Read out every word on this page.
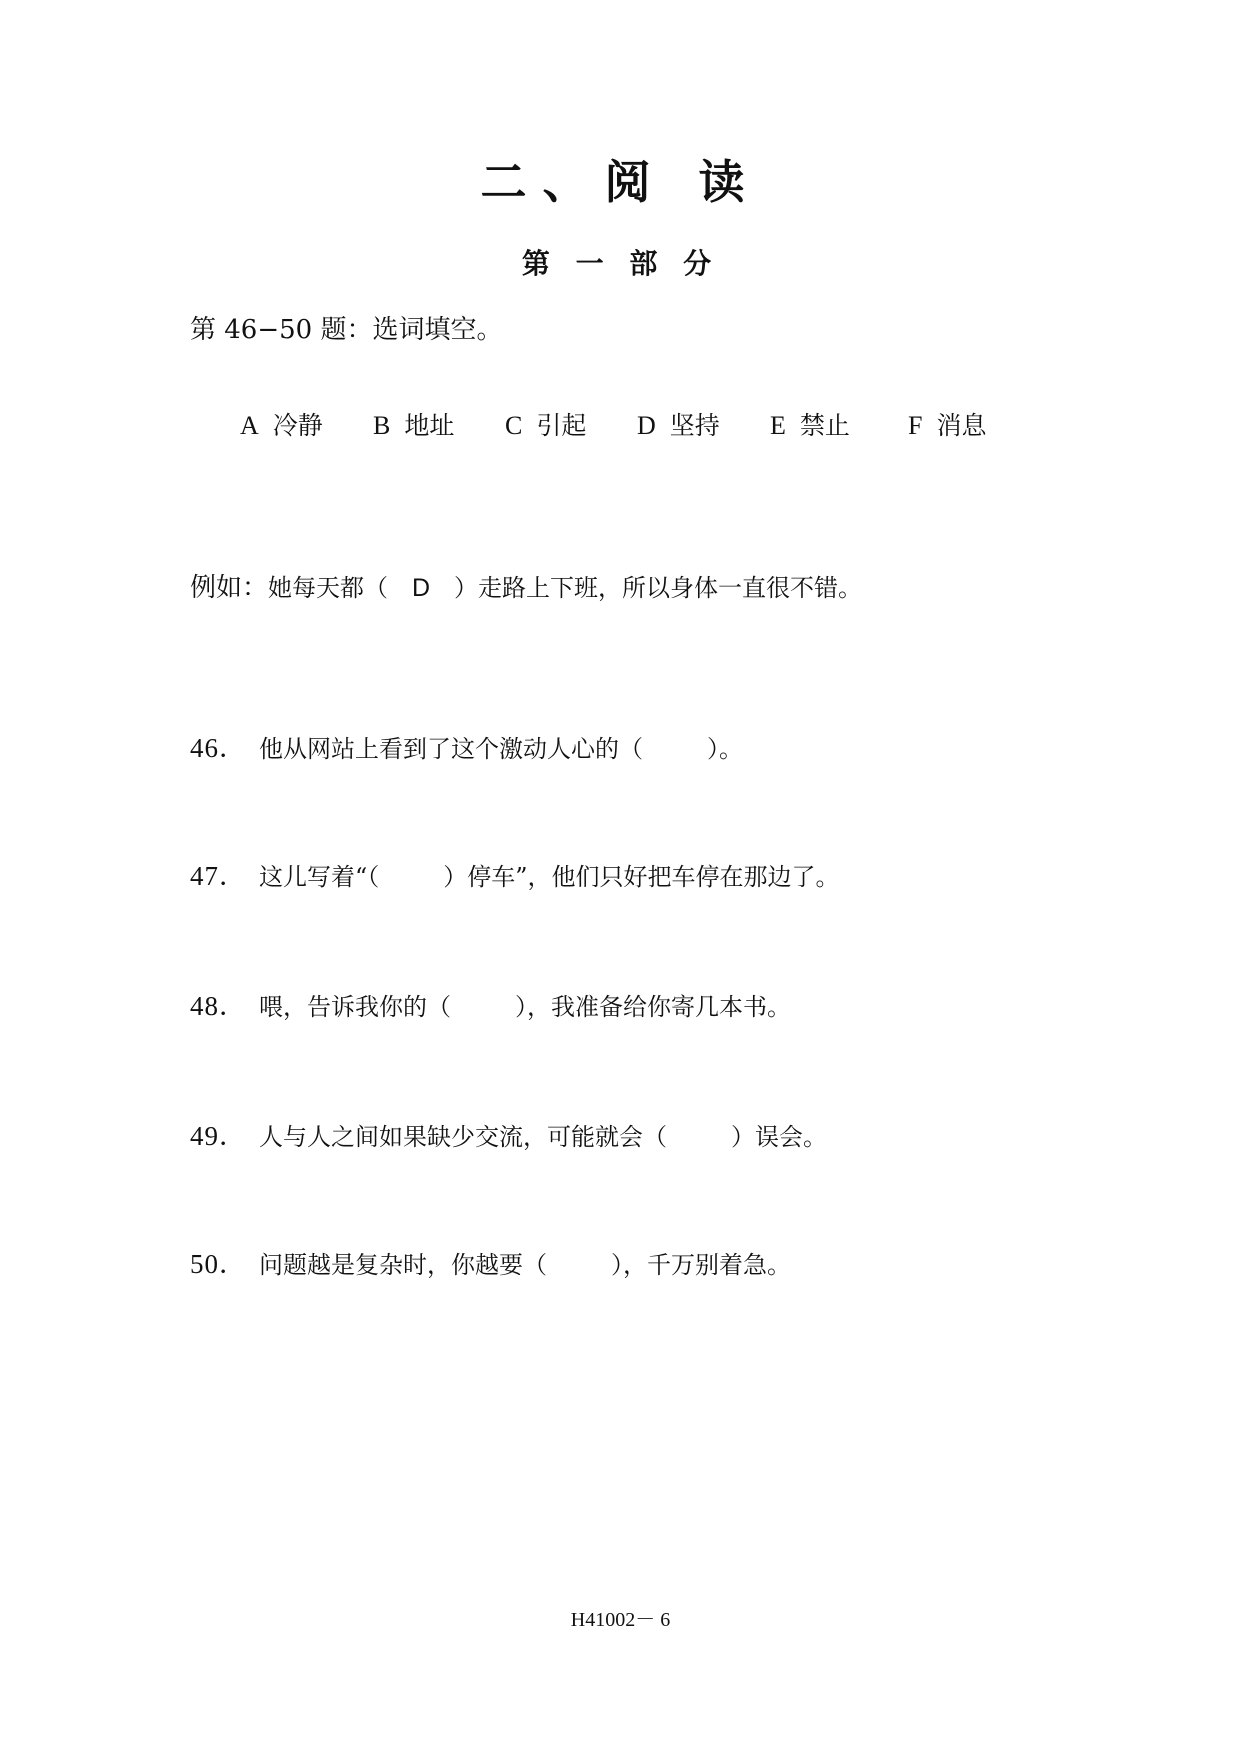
二、阅 读
第 一 部 分
第 46−50 题：选词填空。
A 冷静 B 地址 C 引起 D 坚持 E 禁止 F 消息
例如：她每天都（ D ）走路上下班，所以身体一直很不错。
46． 他从网站上看到了这个激动人心的（	）。
47． 这儿写着“（	）停车”，他们只好把车停在那边了。
48． 喂，告诉我你的（	），我准备给你寄几本书。
49． 人与人之间如果缺少交流，可能就会（	）误会。
50． 问题越是复杂时，你越要（	），千万别着急。
H41002－ 6
